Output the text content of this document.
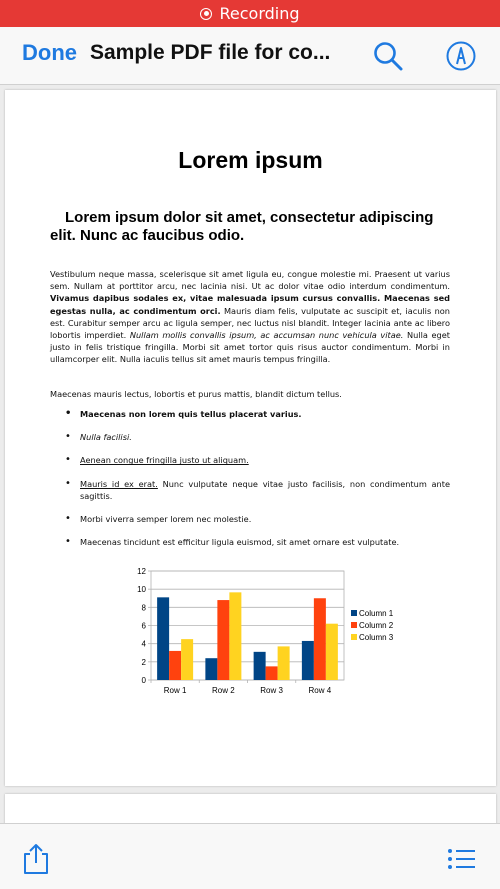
Recording
Done Sample PDF file for co...
Lorem ipsum
Lorem ipsum dolor sit amet, consectetur adipiscing elit. Nunc ac faucibus odio.
Vestibulum neque massa, scelerisque sit amet ligula eu, congue molestie mi. Praesent ut varius sem. Nullam at porttitor arcu, nec lacinia nisi. Ut ac dolor vitae odio interdum condimentum. Vivamus dapibus sodales ex, vitae malesuada ipsum cursus convallis. Maecenas sed egestas nulla, ac condimentum orci. Mauris diam felis, vulputate ac suscipit et, iaculis non est. Curabitur semper arcu ac ligula semper, nec luctus nisl blandit. Integer lacinia ante ac libero lobortis imperdiet. Nullam mollis convallis ipsum, ac accumsan nunc vehicula vitae. Nulla eget justo in felis tristique fringilla. Morbi sit amet tortor quis risus auctor condimentum. Morbi in ullamcorper elit. Nulla iaculis tellus sit amet mauris tempus fringilla.
Maecenas mauris lectus, lobortis et purus mattis, blandit dictum tellus.
• Maecenas non lorem quis tellus placerat varius.
• Nulla facilisi.
• Aenean congue fringilla justo ut aliquam.
• Mauris id ex erat. Nunc vulputate neque vitae justo facilisis, non condimentum ante sagittis.
• Morbi viverra semper lorem nec molestie.
• Maecenas tincidunt est efficitur ligula euismod, sit amet ornare est vulputate.
0
2
4
6
8
10
12
Row 1	Row 2	Row 3	Row 4
Column 1
Column 2
Column 3
